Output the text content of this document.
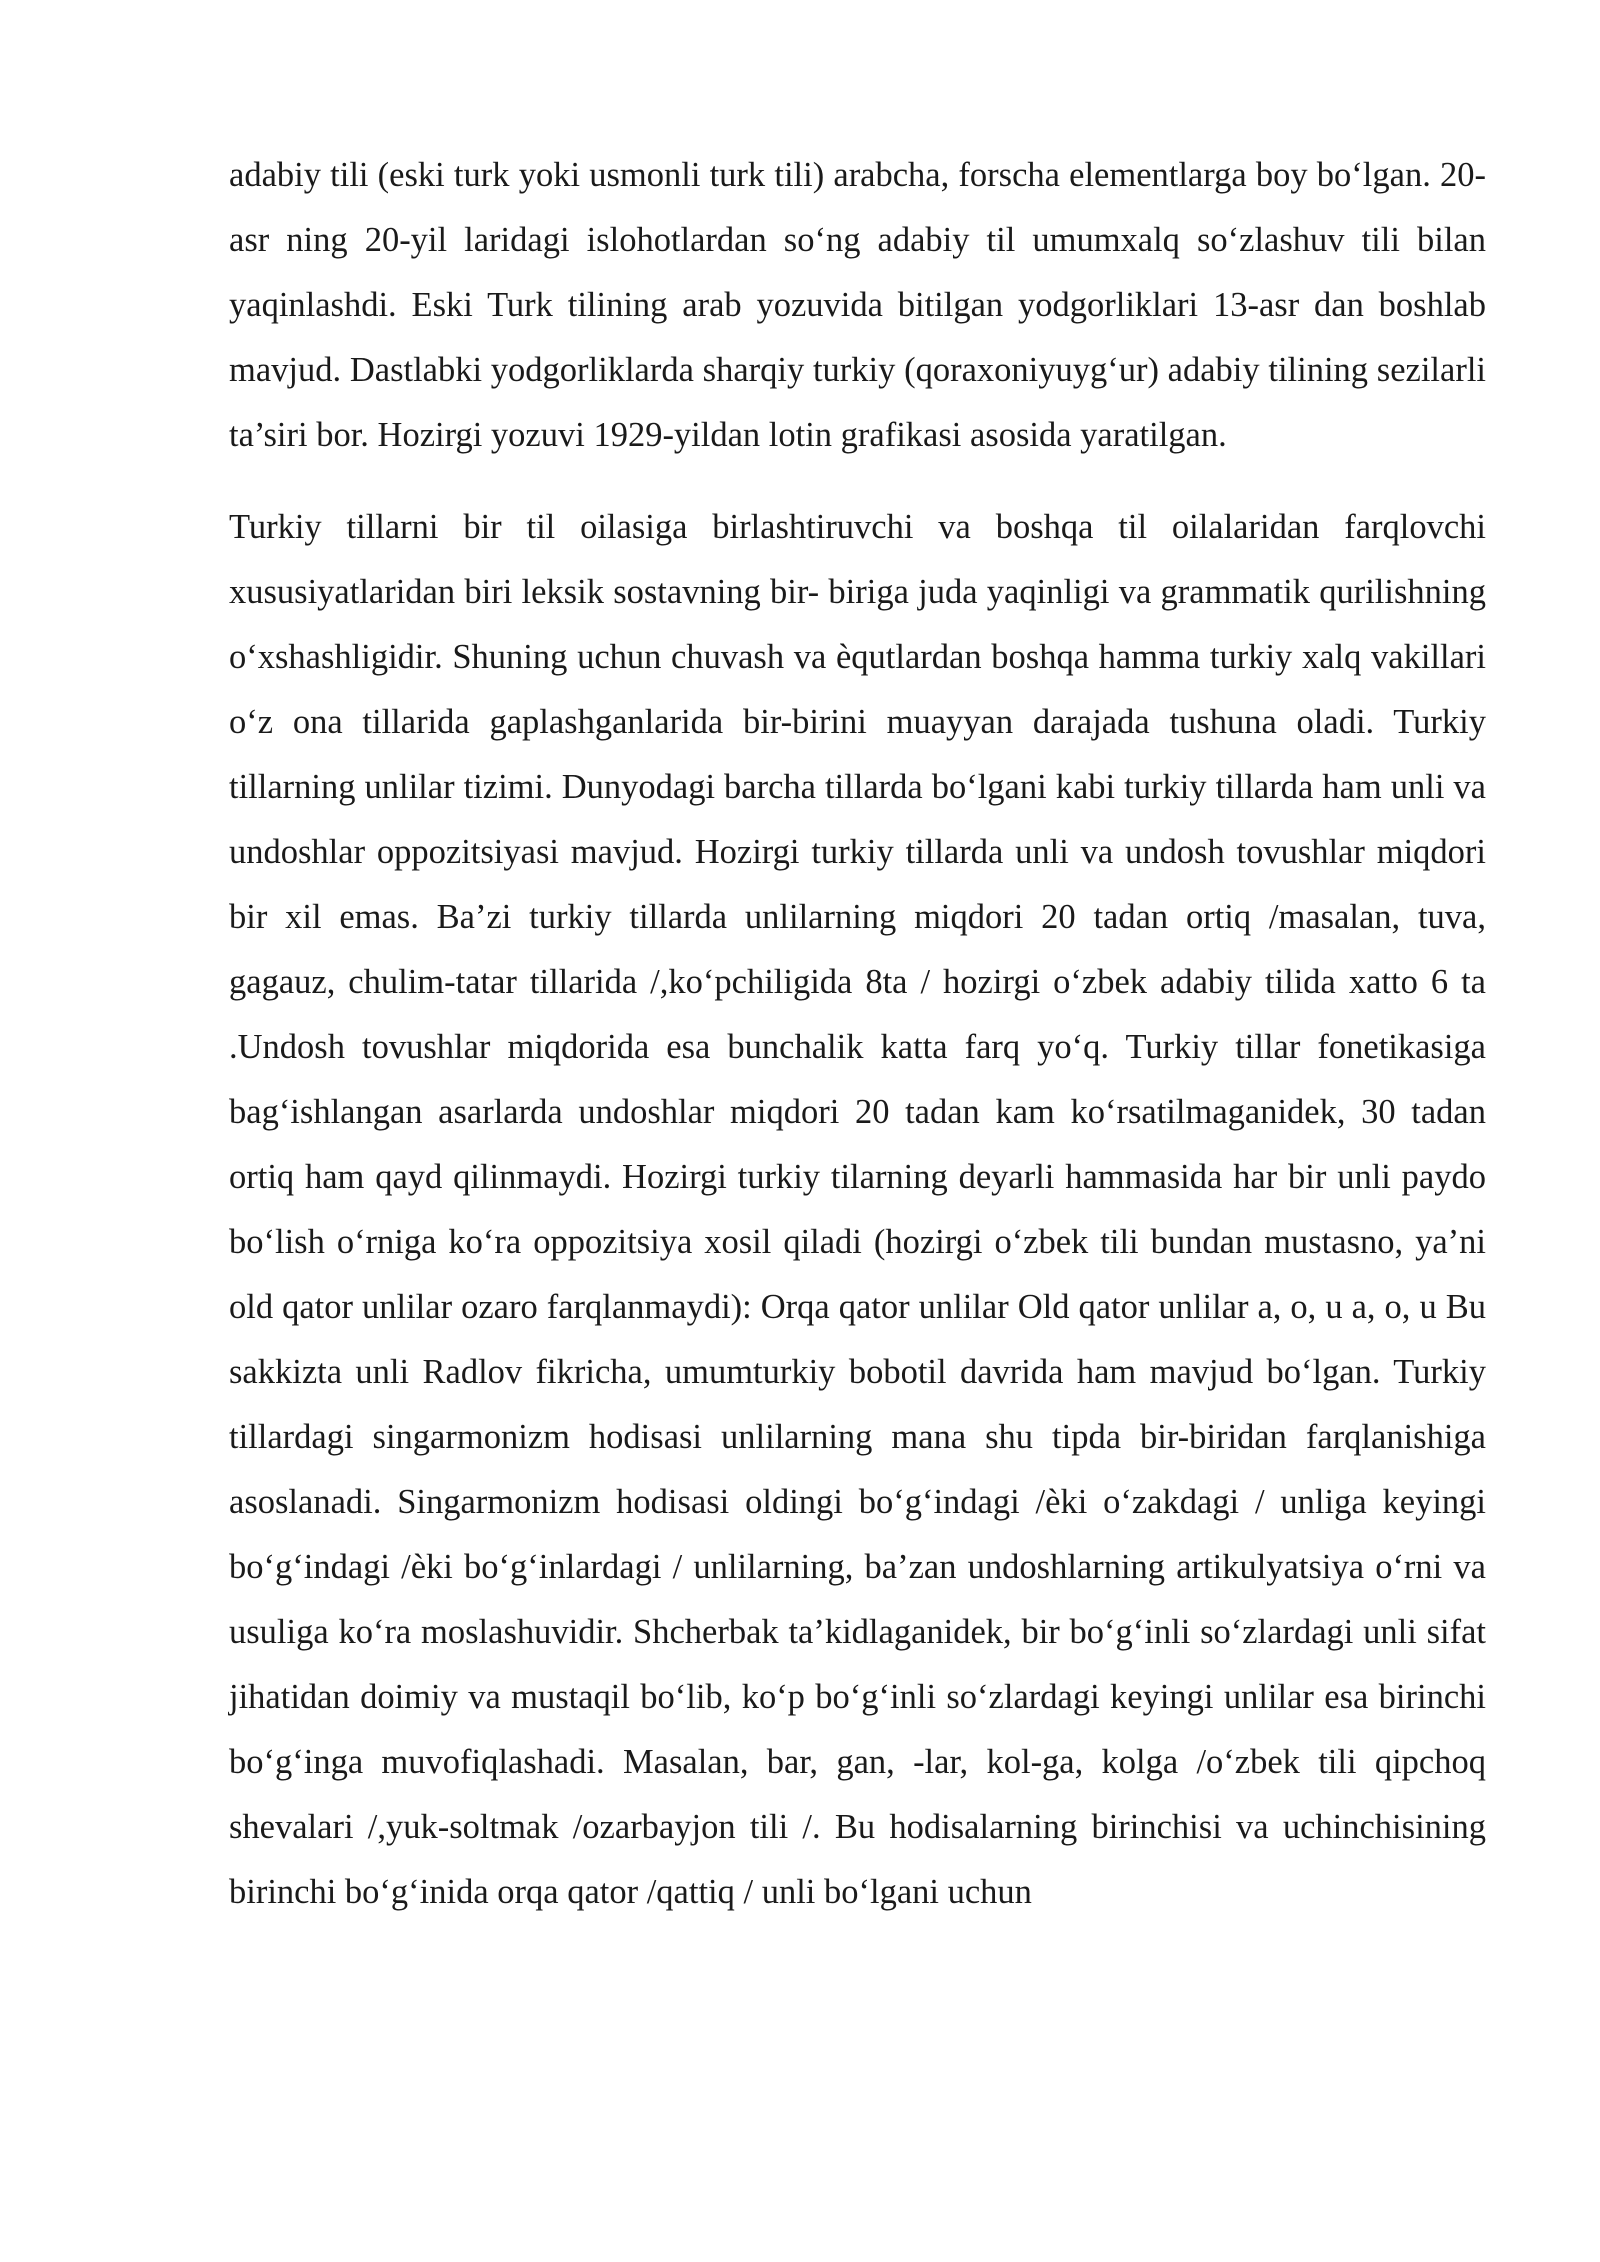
adabiy tili (eski turk yoki usmonli turk tili) arabcha, forscha elementlarga boy bo‘lgan. 20-asr ning 20-yil laridagi islohotlardan so‘ng adabiy til umumxalq so‘zlashuv tili bilan yaqinlashdi. Eski Turk tilining arab yozuvida bitilgan yodgorliklari 13-asr dan boshlab mavjud. Dastlabki yodgorliklarda sharqiy turkiy (qoraxoniyuyg‘ur) adabiy tilining sezilarli ta’siri bor. Hozirgi yozuvi 1929-yildan lotin grafikasi asosida yaratilgan.

Turkiy tillarni bir til oilasiga birlashtiruvchi va boshqa til oilalaridan farqlovchi xususiyatlaridan biri leksik sostavning bir- biriga juda yaqinligi va grammatik qurilishning o‘xshashligidir. Shuning uchun chuvash va èqutlardan boshqa hamma turkiy xalq vakillari o‘z ona tillarida gaplashganlarida bir-birini muayyan darajada tushuna oladi. Turkiy tillarning unlilar tizimi. Dunyodagi barcha tillarda bo‘lgani kabi turkiy tillarda ham unli va undoshlar oppozitsiyasi mavjud. Hozirgi turkiy tillarda unli va undosh tovushlar miqdori bir xil emas. Ba’zi turkiy tillarda unlilarning miqdori 20 tadan ortiq /masalan, tuva, gagauz, chulim-tatar tillarida /,ko‘pchiligida 8ta / hozirgi o‘zbek adabiy tilida xatto 6 ta .Undosh tovushlar miqdorida esa bunchalik katta farq yo‘q. Turkiy tillar fonetikasiga bag‘ishlangan asarlarda undoshlar miqdori 20 tadan kam ko‘rsatilmaganidek, 30 tadan ortiq ham qayd qilinmaydi. Hozirgi turkiy tilarning deyarli hammasida har bir unli paydo bo‘lish o‘rniga ko‘ra oppozitsiya xosil qiladi (hozirgi o‘zbek tili bundan mustasno, ya’ni old qator unlilar ozaro farqlanmaydi): Orqa qator unlilar Old qator unlilar a, o, u a, o, u Bu sakkizta unli Radlov fikricha, umumturkiy bobotil davrida ham mavjud bo‘lgan. Turkiy tillardagi singarmonizm hodisasi unlilarning mana shu tipda bir-biridan farqlanishiga asoslanadi. Singarmonizm hodisasi oldingi bo‘g‘indagi /èki o‘zakdagi / unliga keyingi bo‘g‘indagi /èki bo‘g‘inlardagi / unlilarning, ba’zan undoshlarning artikulyatsiya o‘rni va usuliga ko‘ra moslashuvidir. Shcherbak ta’kidlaganidek, bir bo‘g‘inli so‘zlardagi unli sifat jihatidan doimiy va mustaqil bo‘lib, ko‘p bo‘g‘inli so‘zlardagi keyingi unlilar esa birinchi bo‘g‘inga muvofiqlashadi. Masalan, bar, gan, -lar, kol-ga, kolga /o‘zbek tili qipchoq shevalari /,yuk-soltmak /ozarbayjon tili /. Bu hodisalarning birinchisi va uchinchisining birinchi bo‘g‘inida orqa qator /qattiq / unli bo‘lgani uchun
